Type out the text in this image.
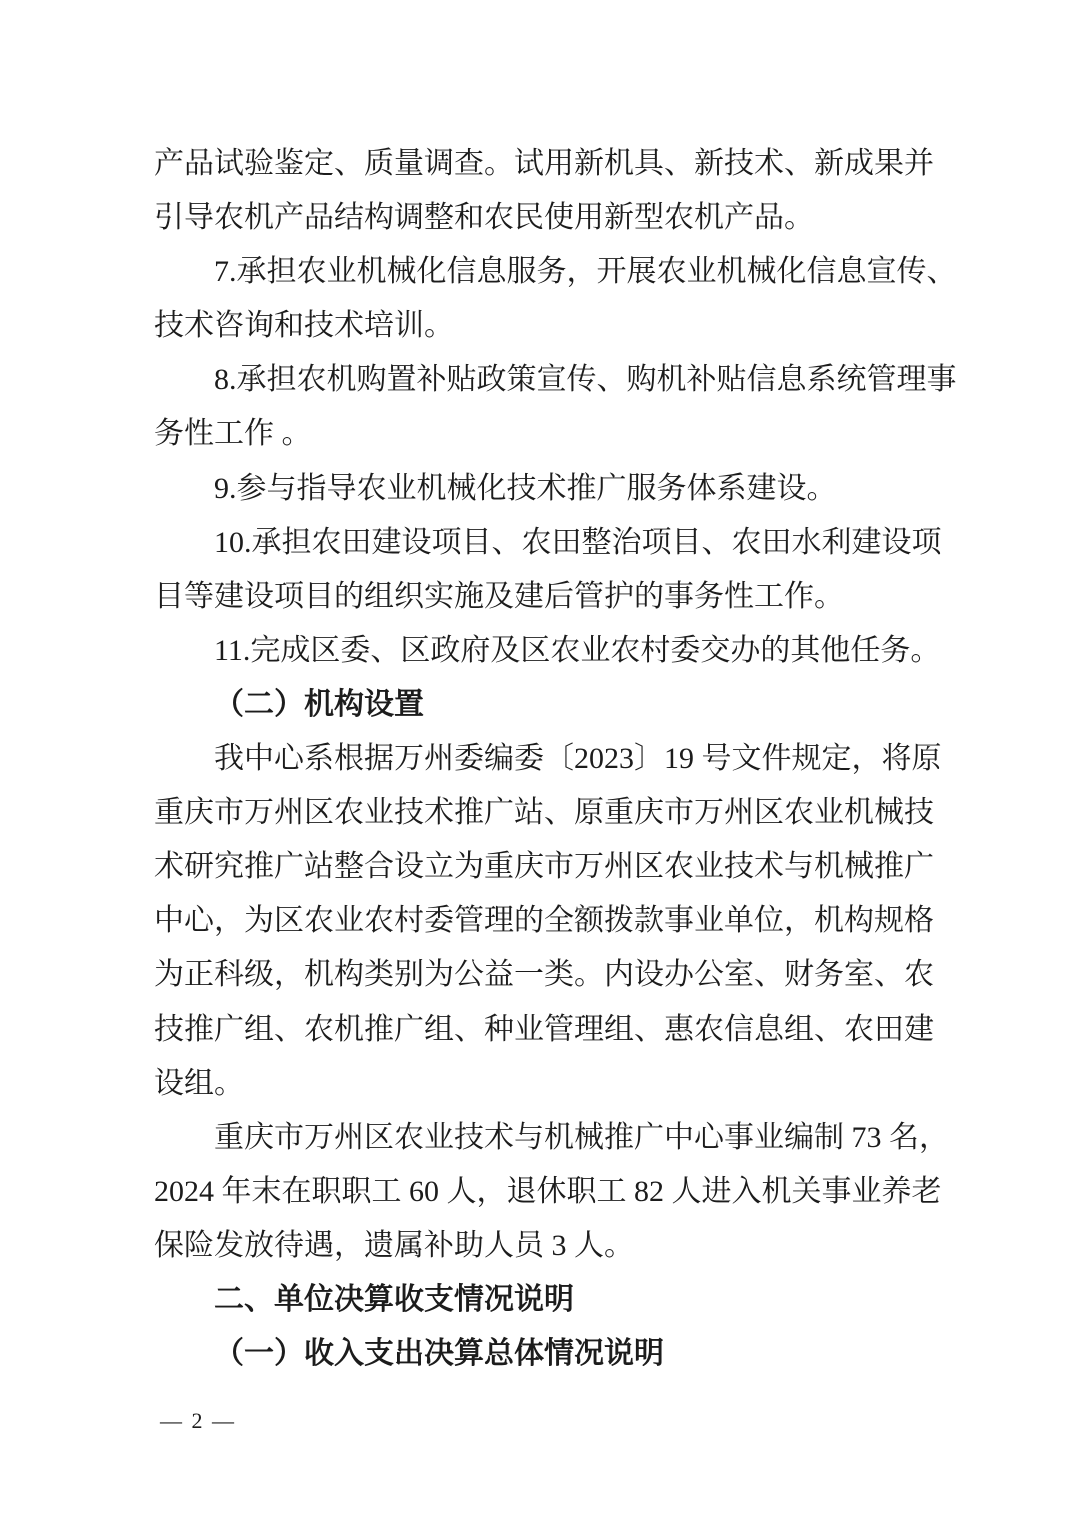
产品试验鉴定、质量调查。试用新机具、新技术、新成果并

引导农机产品结构调整和农民使用新型农机产品。

7.承担农业机械化信息服务，开展农业机械化信息宣传、

技术咨询和技术培训。

8.承担农机购置补贴政策宣传、购机补贴信息系统管理事

务性工作 。

9.参与指导农业机械化技术推广服务体系建设。

10.承担农田建设项目、农田整治项目、农田水利建设项

目等建设项目的组织实施及建后管护的事务性工作。

11.完成区委、区政府及区农业农村委交办的其他任务。

（二）机构设置

我中心系根据万州委编委〔2023〕19 号文件规定，将原

重庆市万州区农业技术推广站、原重庆市万州区农业机械技

术研究推广站整合设立为重庆市万州区农业技术与机械推广

中心，为区农业农村委管理的全额拨款事业单位，机构规格

为正科级，机构类别为公益一类。内设办公室、财务室、农

技推广组、农机推广组、种业管理组、惠农信息组、农田建

设组。

重庆市万州区农业技术与机械推广中心事业编制 73 名，

2024 年末在职职工 60 人，退休职工 82 人进入机关事业养老

保险发放待遇，遗属补助人员 3 人。

二、单位决算收支情况说明

（一）收入支出决算总体情况说明

— 2 —
